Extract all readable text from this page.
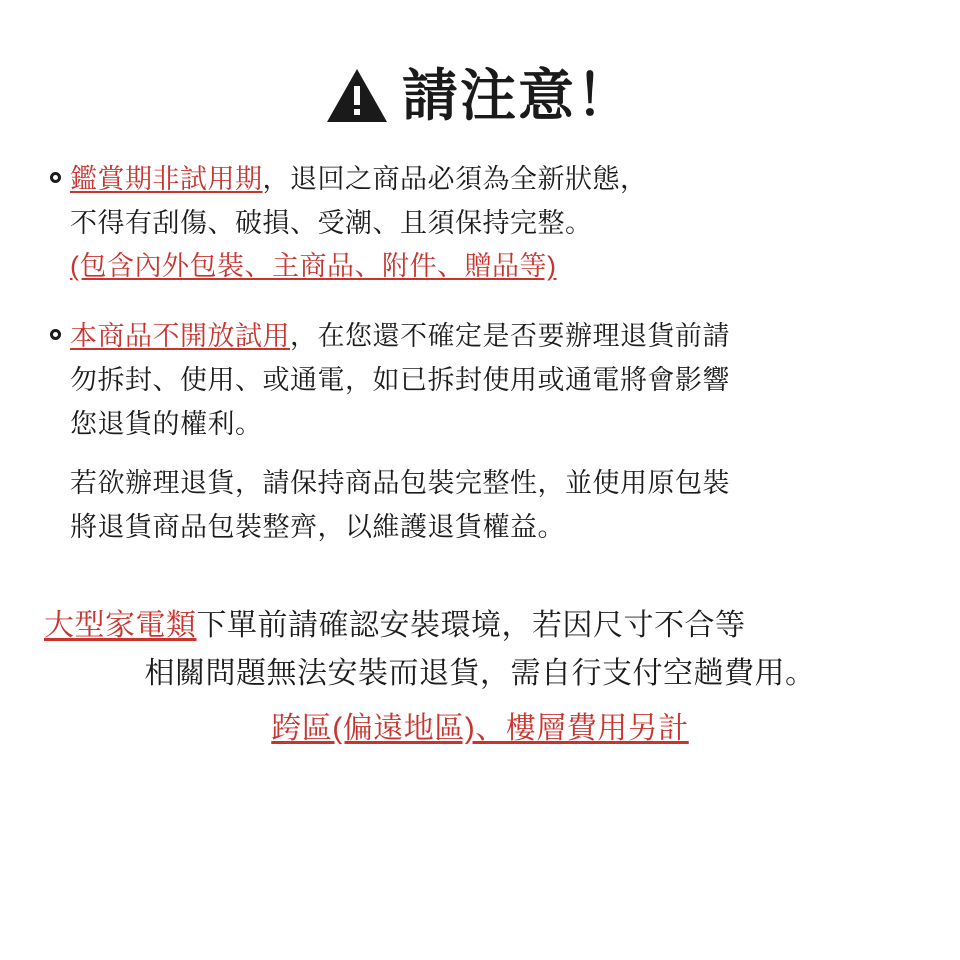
請注意！

鑑賞期非試用期，退回之商品必須為全新狀態，

不得有刮傷、破損、受潮、且須保持完整。

(包含內外包裝、主商品、附件、贈品等)

本商品不開放試用，在您還不確定是否要辦理退貨前請

勿拆封、使用、或通電，如已拆封使用或通電將會影響

您退貨的權利。

若欲辦理退貨，請保持商品包裝完整性，並使用原包裝

將退貨商品包裝整齊，以維護退貨權益。

大型家電類下單前請確認安裝環境，若因尺寸不合等

相關問題無法安裝而退貨，需自行支付空趟費用。

跨區(偏遠地區)、樓層費用另計
